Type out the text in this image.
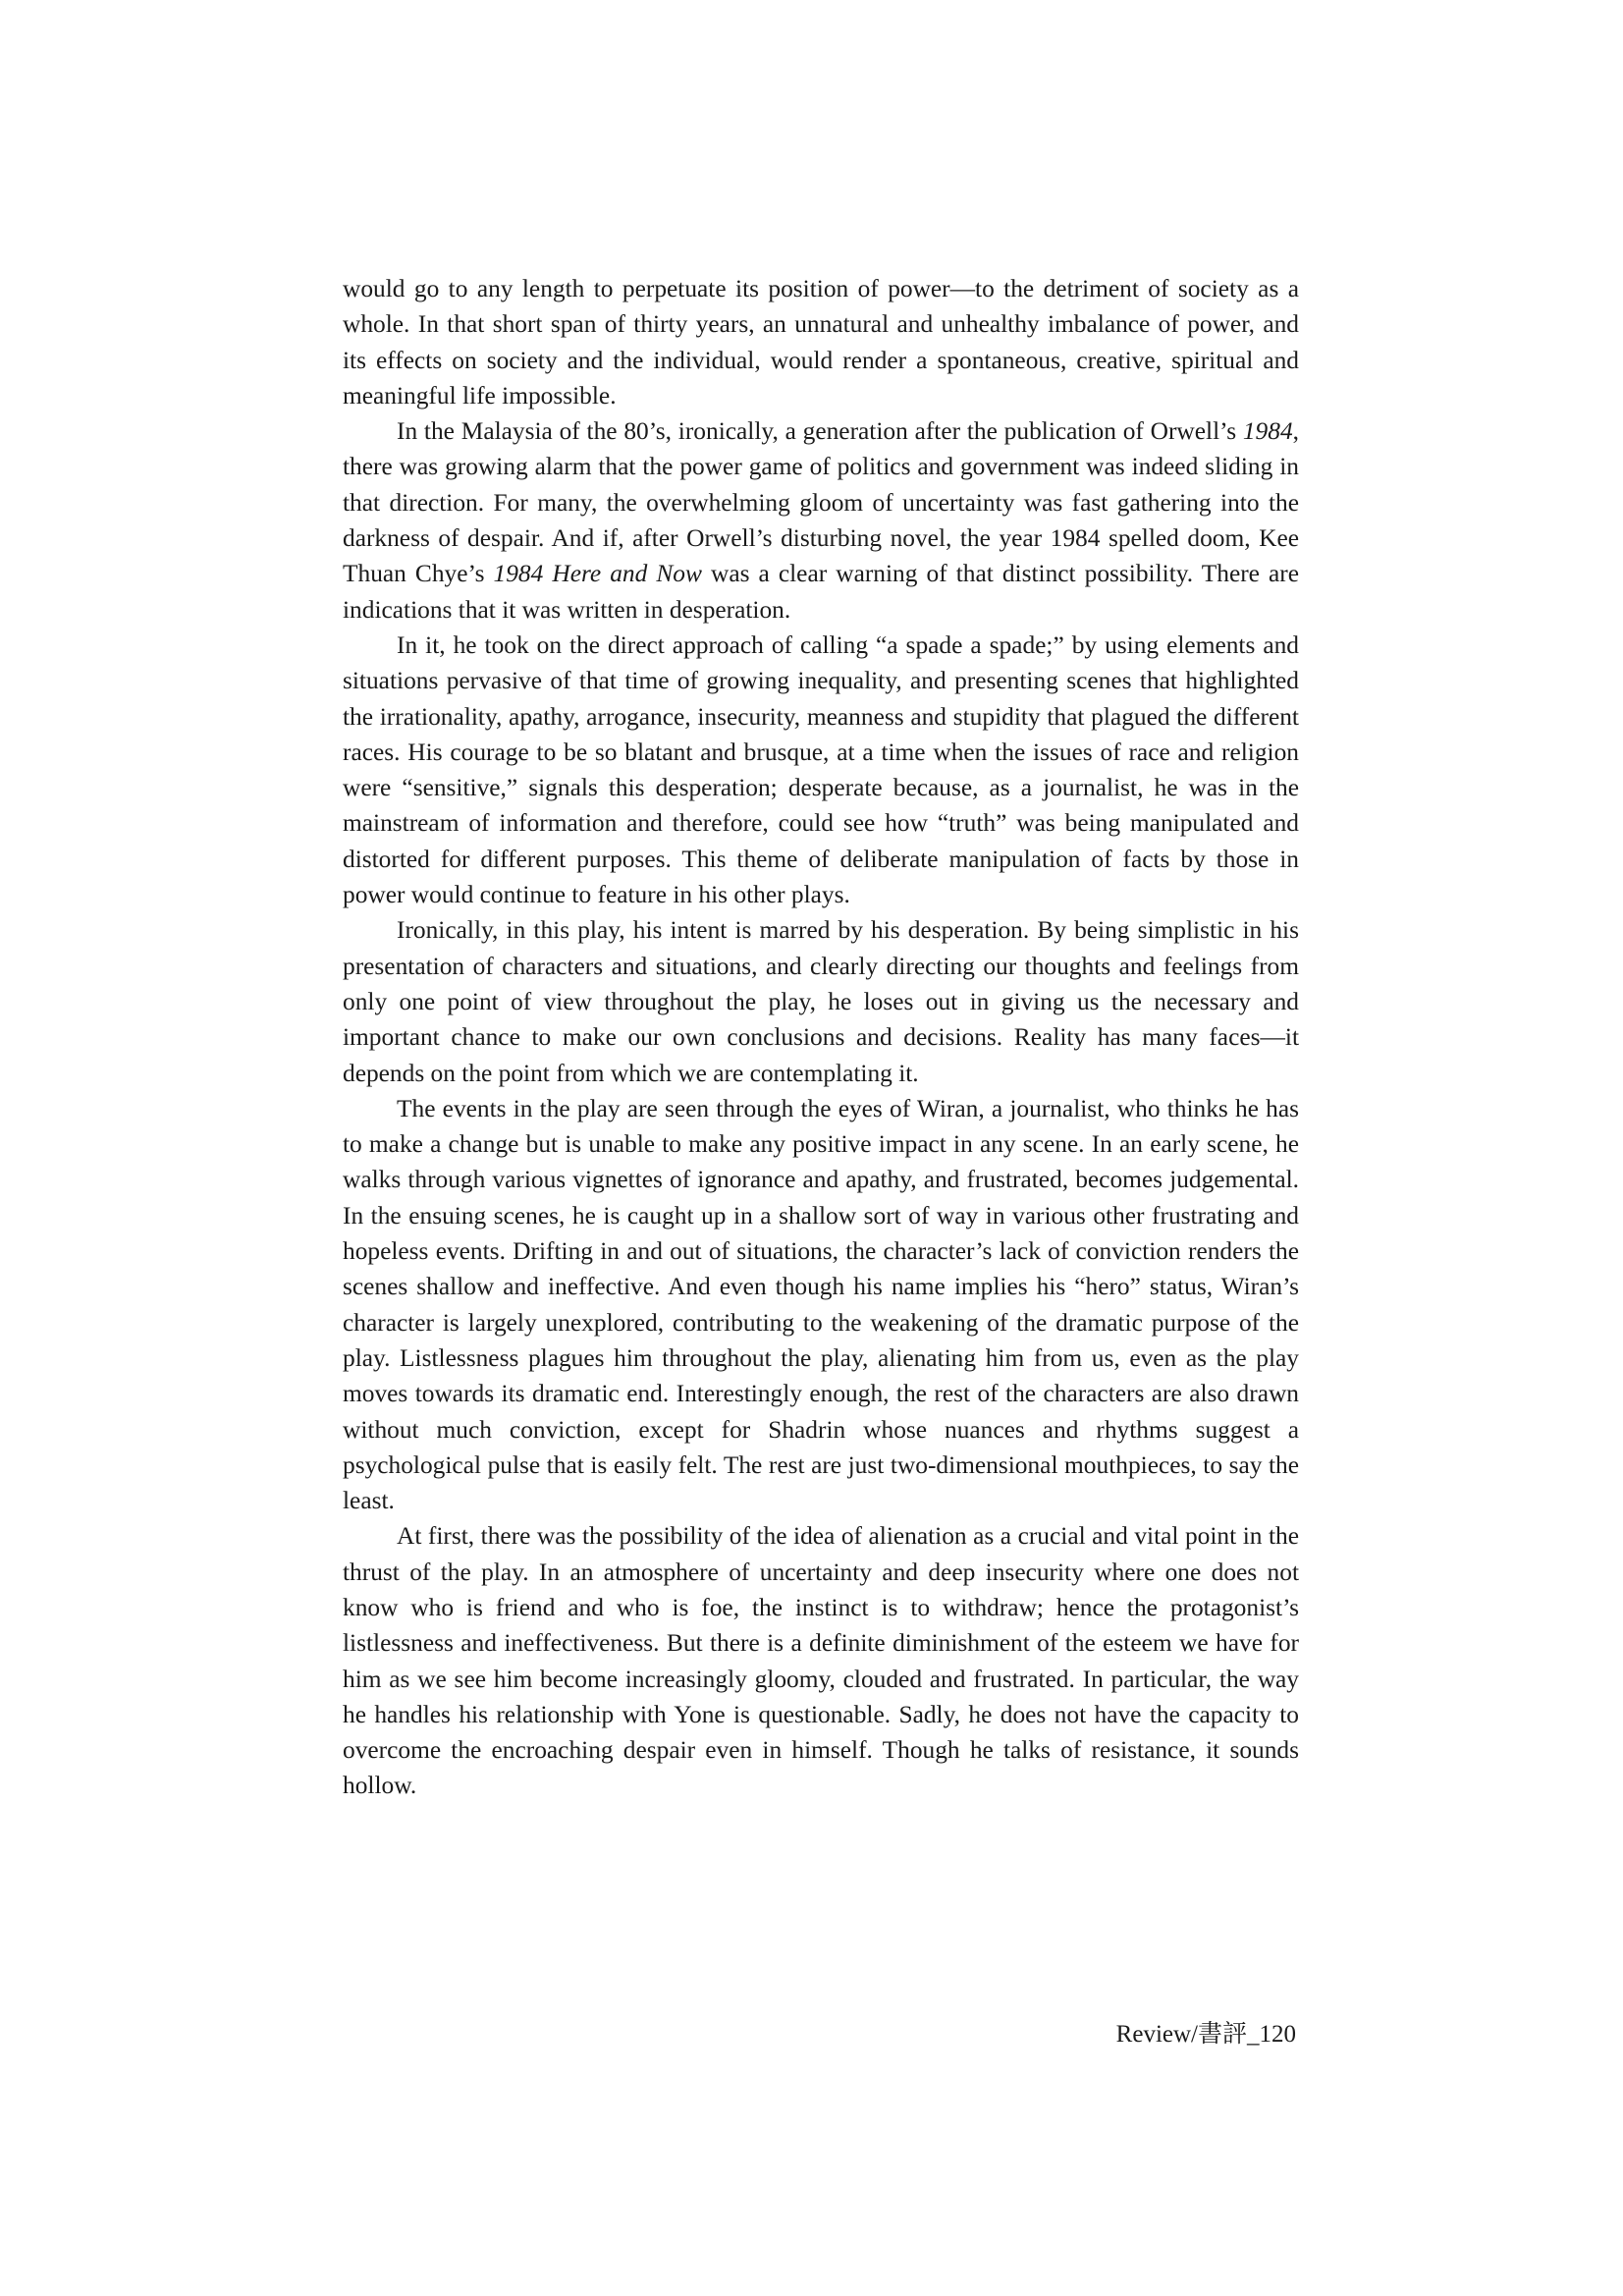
would go to any length to perpetuate its position of power—to the detriment of society as a whole. In that short span of thirty years, an unnatural and unhealthy imbalance of power, and its effects on society and the individual, would render a spontaneous, creative, spiritual and meaningful life impossible.

In the Malaysia of the 80’s, ironically, a generation after the publication of Orwell’s 1984, there was growing alarm that the power game of politics and government was indeed sliding in that direction. For many, the overwhelming gloom of uncertainty was fast gathering into the darkness of despair. And if, after Orwell’s disturbing novel, the year 1984 spelled doom, Kee Thuan Chye’s 1984 Here and Now was a clear warning of that distinct possibility. There are indications that it was written in desperation.

In it, he took on the direct approach of calling “a spade a spade;” by using elements and situations pervasive of that time of growing inequality, and presenting scenes that highlighted the irrationality, apathy, arrogance, insecurity, meanness and stupidity that plagued the different races. His courage to be so blatant and brusque, at a time when the issues of race and religion were “sensitive,” signals this desperation; desperate because, as a journalist, he was in the mainstream of information and therefore, could see how “truth” was being manipulated and distorted for different purposes. This theme of deliberate manipulation of facts by those in power would continue to feature in his other plays.

Ironically, in this play, his intent is marred by his desperation. By being simplistic in his presentation of characters and situations, and clearly directing our thoughts and feelings from only one point of view throughout the play, he loses out in giving us the necessary and important chance to make our own conclusions and decisions. Reality has many faces—it depends on the point from which we are contemplating it.

The events in the play are seen through the eyes of Wiran, a journalist, who thinks he has to make a change but is unable to make any positive impact in any scene. In an early scene, he walks through various vignettes of ignorance and apathy, and frustrated, becomes judgemental. In the ensuing scenes, he is caught up in a shallow sort of way in various other frustrating and hopeless events. Drifting in and out of situations, the character’s lack of conviction renders the scenes shallow and ineffective. And even though his name implies his “hero” status, Wiran’s character is largely unexplored, contributing to the weakening of the dramatic purpose of the play. Listlessness plagues him throughout the play, alienating him from us, even as the play moves towards its dramatic end. Interestingly enough, the rest of the characters are also drawn without much conviction, except for Shadrin whose nuances and rhythms suggest a psychological pulse that is easily felt. The rest are just two-dimensional mouthpieces, to say the least.

At first, there was the possibility of the idea of alienation as a crucial and vital point in the thrust of the play. In an atmosphere of uncertainty and deep insecurity where one does not know who is friend and who is foe, the instinct is to withdraw; hence the protagonist’s listlessness and ineffectiveness. But there is a definite diminishment of the esteem we have for him as we see him become increasingly gloomy, clouded and frustrated. In particular, the way he handles his relationship with Yone is questionable. Sadly, he does not have the capacity to overcome the encroaching despair even in himself. Though he talks of resistance, it sounds hollow.

Review/書評_120
